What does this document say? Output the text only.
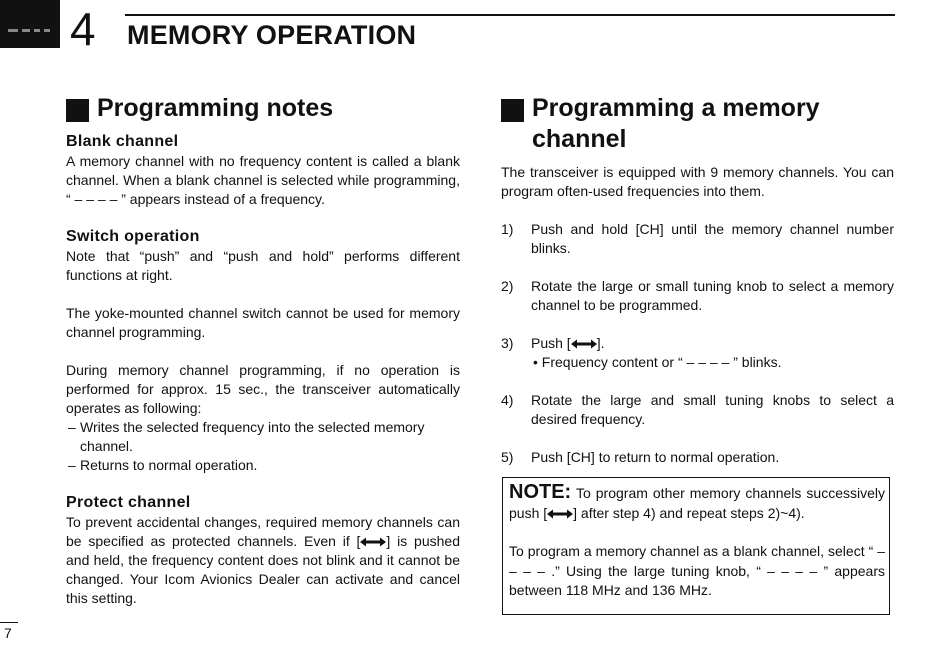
4 MEMORY OPERATION
Programming notes
Blank channel

A memory channel with no frequency content is called a blank channel. When a blank channel is selected while programming, “ – – – – ” appears instead of a frequency.

Switch operation

Note that “push” and “push and hold” performs different functions at right.

The yoke-mounted channel switch cannot be used for memory channel programming.

During memory channel programming, if no operation is performed for approx. 15 sec., the transceiver automatically operates as following:

– Writes the selected frequency into the selected memory channel.
– Returns to normal operation.
Protect channel

To prevent accidental changes, required memory channels can be specified as protected channels. Even if [ ] is pushed and held, the frequency content does not blink and it cannot be changed. Your Icom Avionics Dealer can activate and cancel this setting.

Programming a memory
channel

The transceiver is equipped with 9 memory channels. You can program often-used frequencies into them.

1) Push and hold [CH] until the memory channel number blinks.
2) Rotate the large or small tuning knob to select a memory channel to be programmed.
3) Push [ ].
• Frequency content or “ – – – – ” blinks.
4) Rotate the large and small tuning knobs to select a desired frequency.
5) Push [CH] to return to normal operation.

NOTE: To program other memory channels successively push [ ] after step 4) and repeat steps 2)~4).

To program a memory channel as a blank channel, select “ – – – – .” Using the large tuning knob, “ – – – – ” appears between 118 MHz and 136 MHz.

7
